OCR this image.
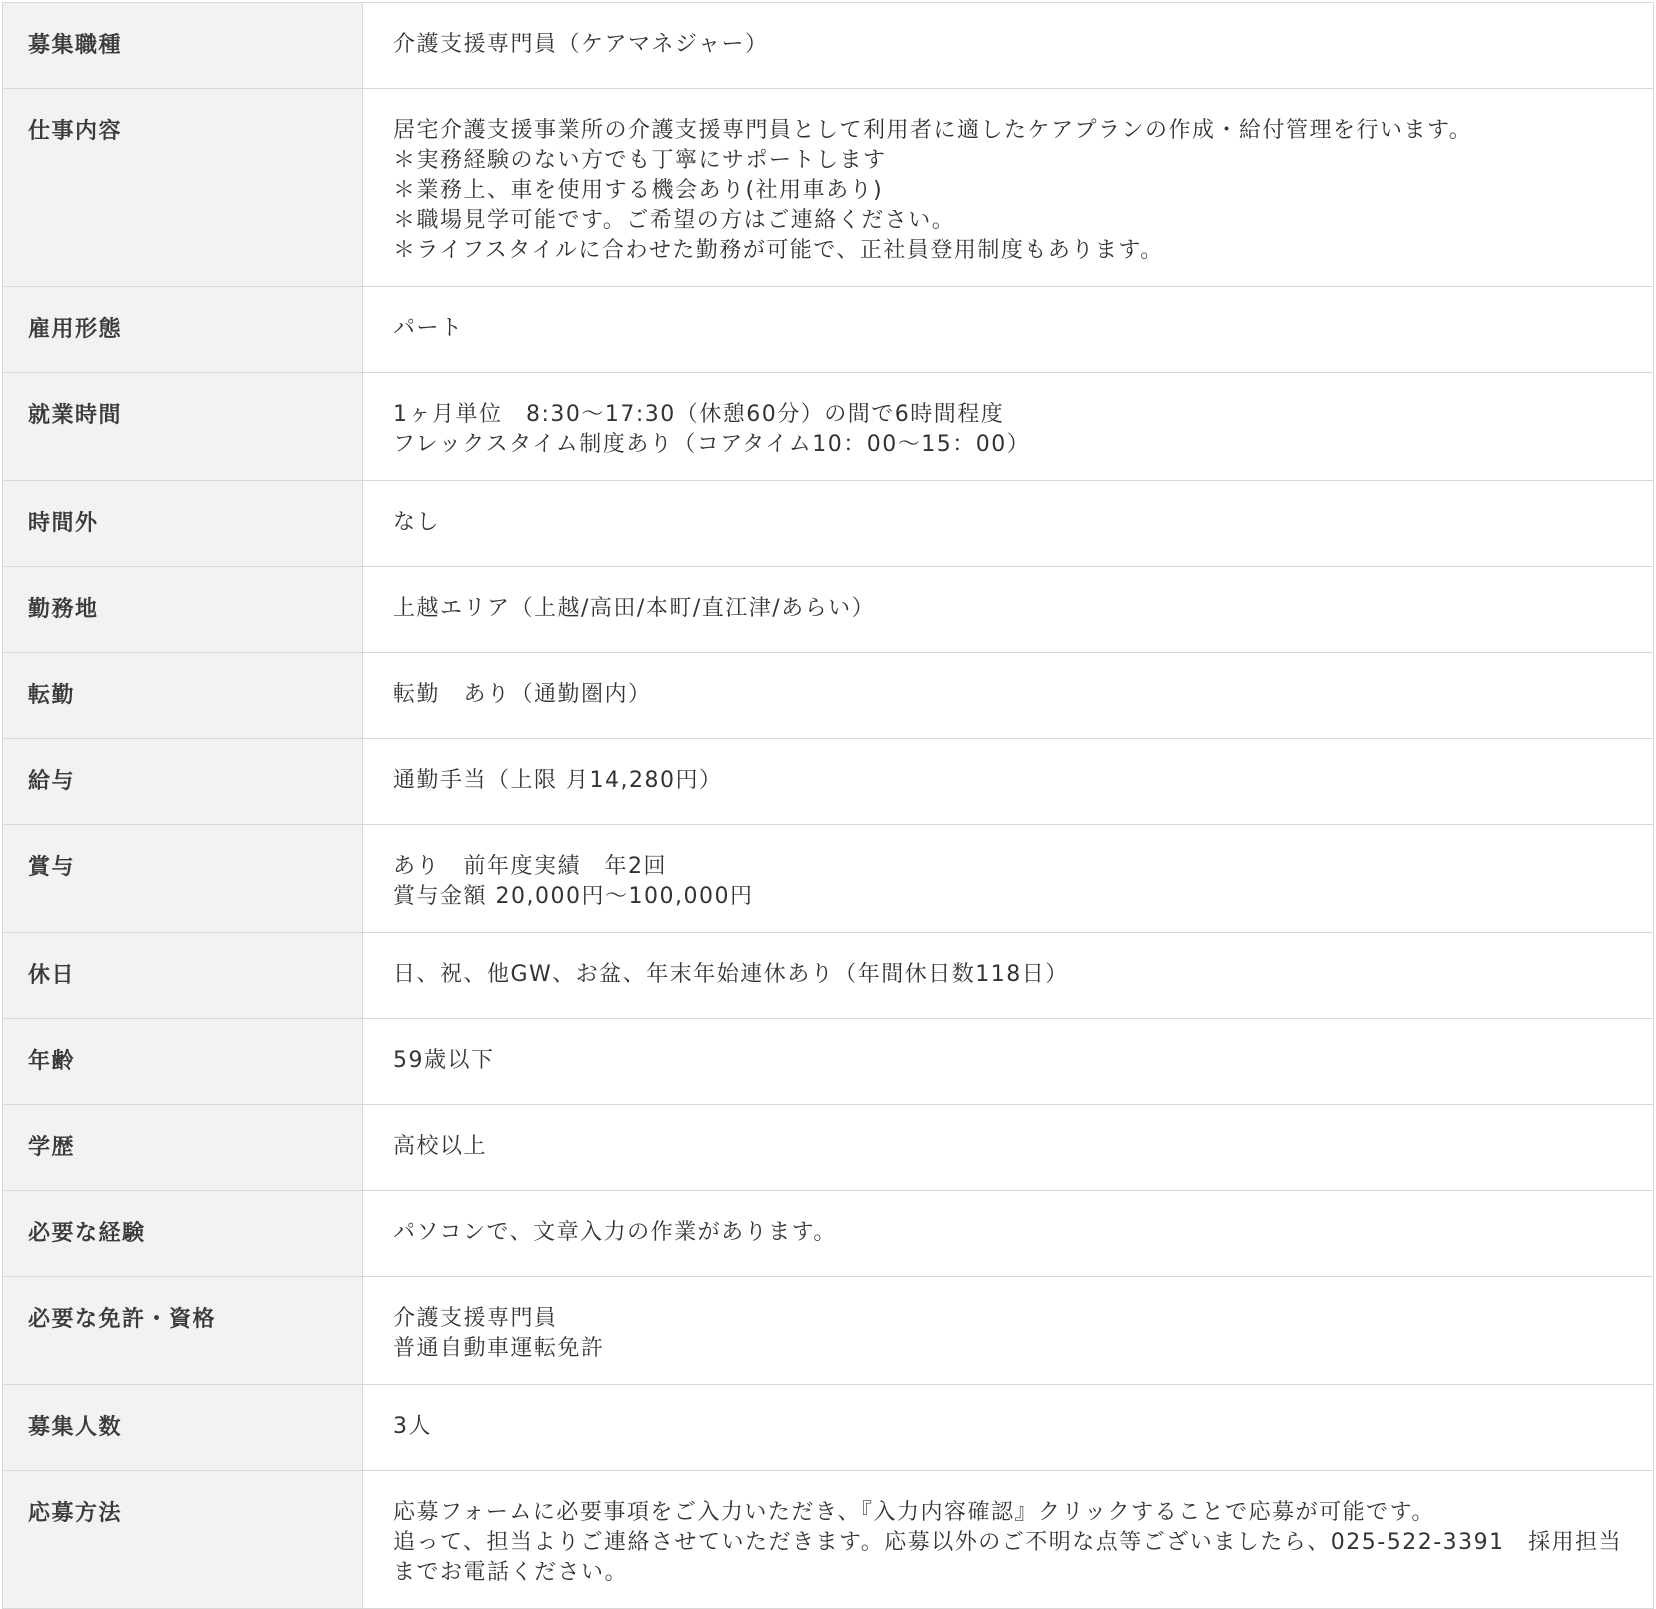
募集職種	介護支援専門員（ケアマネジャー）

仕事内容	居宅介護支援事業所の介護支援専門員として利用者に適したケアプランの作成・給付管理を行います。
＊実務経験のない方でも丁寧にサポートします
＊業務上、車を使用する機会あり(社用車あり)
＊職場見学可能です。ご希望の方はご連絡ください。
＊ライフスタイルに合わせた勤務が可能で、正社員登用制度もあります。

雇用形態	パート

就業時間	1ヶ月単位　8:30〜17:30（休憩60分）の間で6時間程度
フレックスタイム制度あり（コアタイム10：00〜15：00）

時間外	なし

勤務地	上越エリア（上越/高田/本町/直江津/あらい）

転勤	転勤　あり（通勤圏内）

給与	通勤手当（上限 月14,280円）

賞与	あり　前年度実績　年2回
賞与金額 20,000円〜100,000円

休日	日、祝、他GW、お盆、年末年始連休あり（年間休日数118日）

年齢	59歳以下

学歴	高校以上

必要な経験	パソコンで、文章入力の作業があります。

必要な免許・資格	介護支援専門員
普通自動車運転免許

募集人数	3人

応募方法	応募フォームに必要事項をご入力いただき、『入力内容確認』クリックすることで応募が可能です。
追って、担当よりご連絡させていただきます。応募以外のご不明な点等ございましたら、025-522-3391　採用担当までお電話ください。
